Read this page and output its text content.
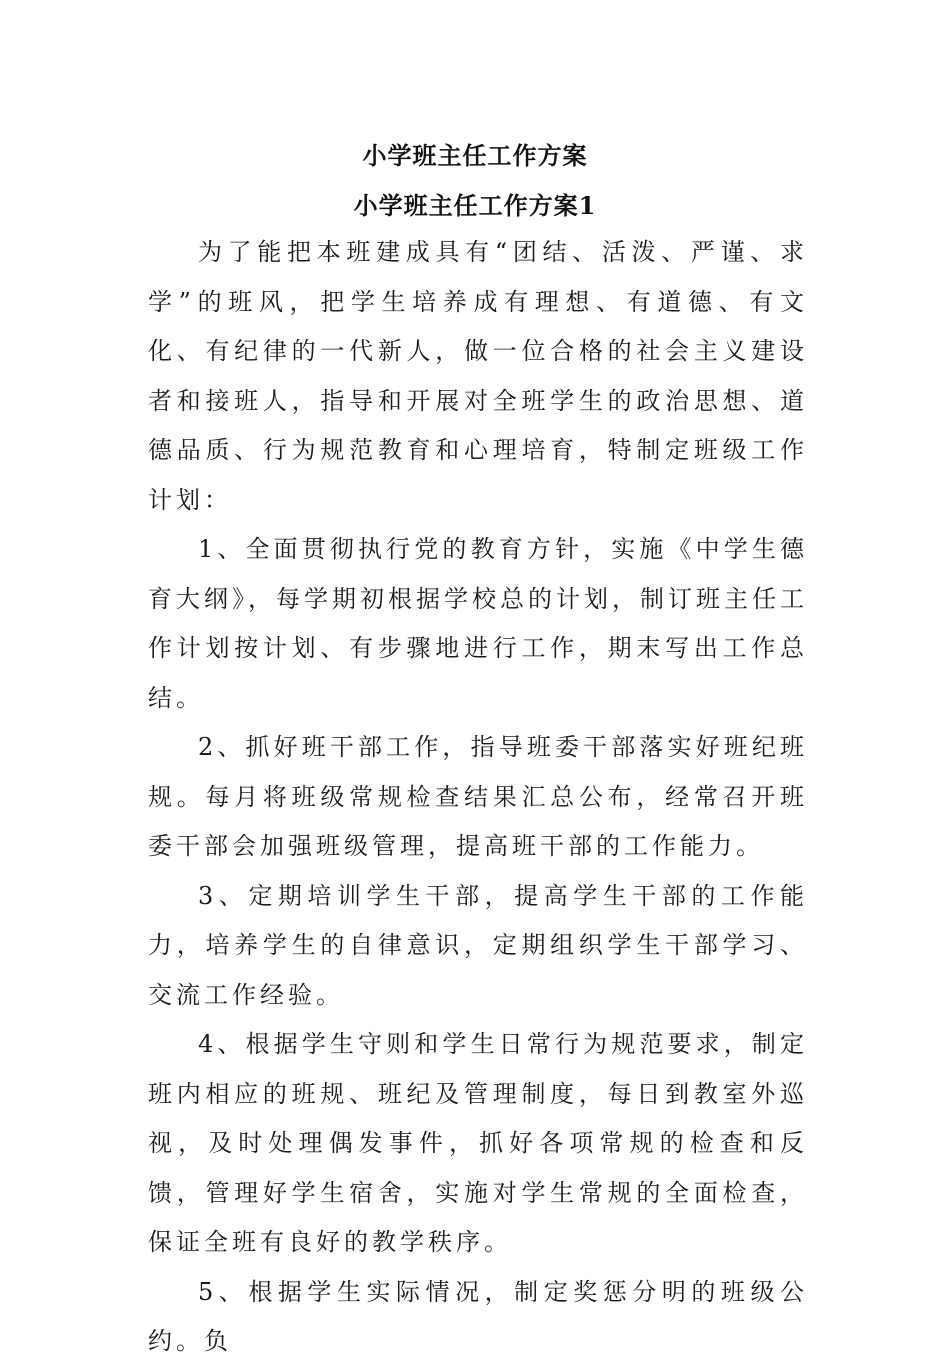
小学班主任工作方案
小学班主任工作方案1

为了能把本班建成具有“团结、活泼、严谨、求学”的班风，把学生培养成有理想、有道德、有文化、有纪律的一代新人，做一位合格的社会主义建设者和接班人，指导和开展对全班学生的政治思想、道德品质、行为规范教育和心理培育，特制定班级工作计划：

1、全面贯彻执行党的教育方针，实施《中学生德育大纲》，每学期初根据学校总的计划，制订班主任工作计划按计划、有步骤地进行工作，期末写出工作总结。

2、抓好班干部工作，指导班委干部落实好班纪班规。每月将班级常规检查结果汇总公布，经常召开班委干部会加强班级管理，提高班干部的工作能力。

3、定期培训学生干部，提高学生干部的工作能力，培养学生的自律意识，定期组织学生干部学习、交流工作经验。

4、根据学生守则和学生日常行为规范要求，制定班内相应的班规、班纪及管理制度，每日到教室外巡视，及时处理偶发事件，抓好各项常规的检查和反馈，管理好学生宿舍，实施对学生常规的全面检查，保证全班有良好的教学秩序。

5、根据学生实际情况，制定奖惩分明的班级公约。负
